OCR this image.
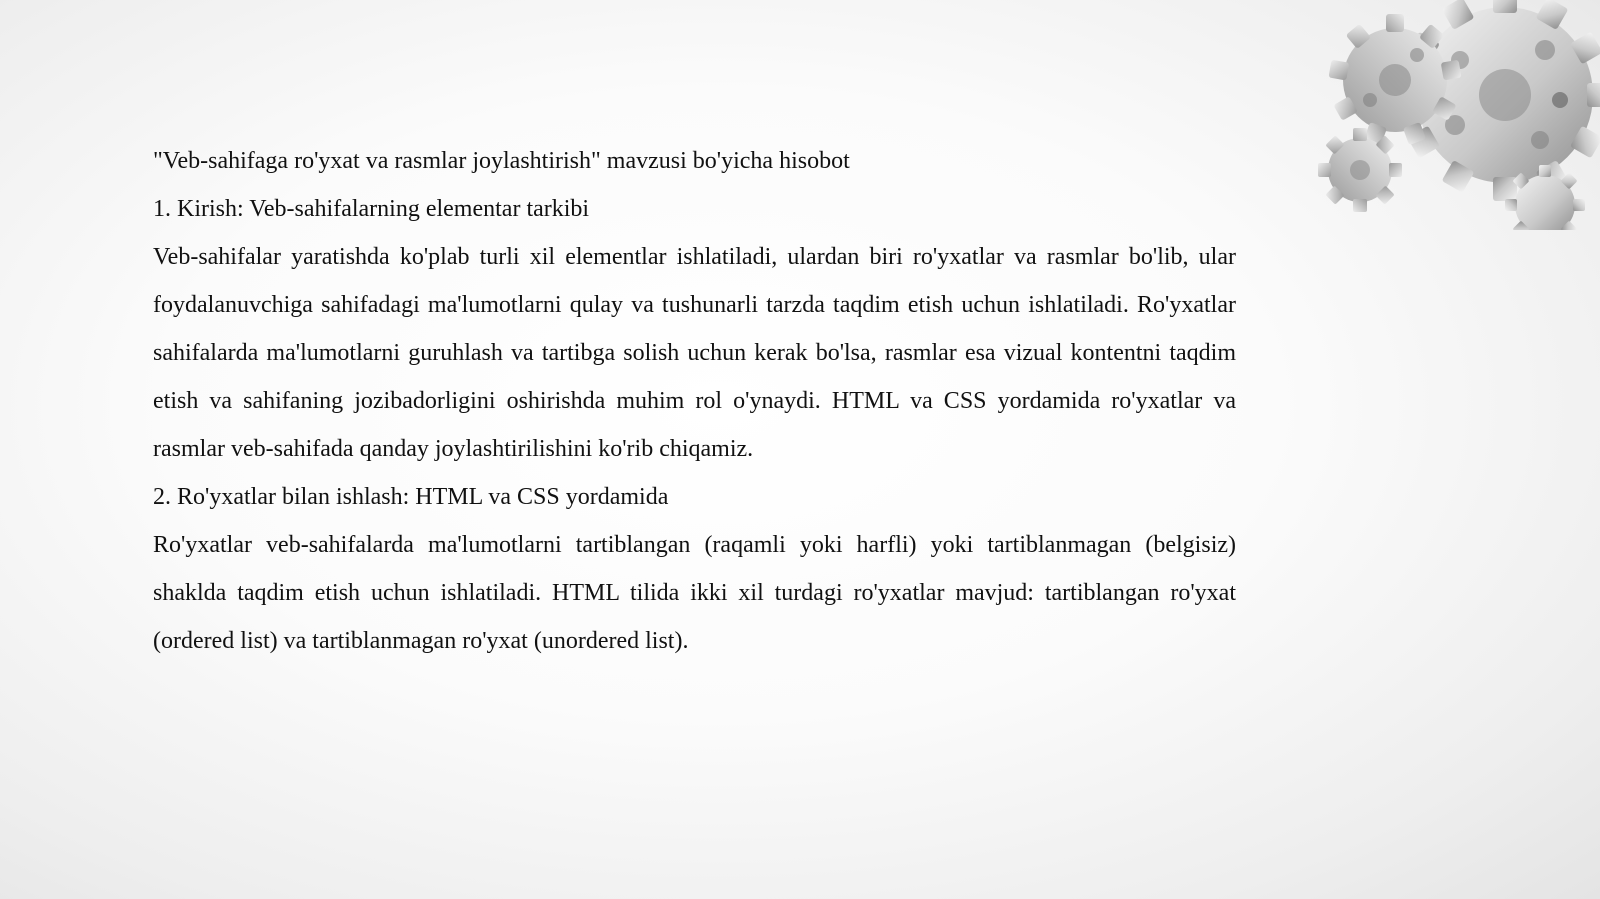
"Veb-sahifaga ro'yxat va rasmlar joylashtirish" mavzusi bo'yicha hisobot

1. Kirish: Veb-sahifalarning elementar tarkibi

Veb-sahifalar yaratishda ko'plab turli xil elementlar ishlatiladi, ulardan biri ro'yxatlar va rasmlar bo'lib, ular foydalanuvchiga sahifadagi ma'lumotlarni qulay va tushunarli tarzda taqdim etish uchun ishlatiladi. Ro'yxatlar sahifalarda ma'lumotlarni guruhlash va tartibga solish uchun kerak bo'lsa, rasmlar esa vizual kontentni taqdim etish va sahifaning jozibadorligini oshirishda muhim rol o'ynaydi. HTML va CSS yordamida ro'yxatlar va rasmlar veb-sahifada qanday joylashtirilishini ko'rib chiqamiz.

2. Ro'yxatlar bilan ishlash: HTML va CSS yordamida

Ro'yxatlar veb-sahifalarda ma'lumotlarni tartiblangan (raqamli yoki harfli) yoki tartiblanmagan (belgisiz) shaklda taqdim etish uchun ishlatiladi. HTML tilida ikki xil turdagi ro'yxatlar mavjud: tartiblangan ro'yxat (ordered list) va tartiblanmagan ro'yxat (unordered list).
